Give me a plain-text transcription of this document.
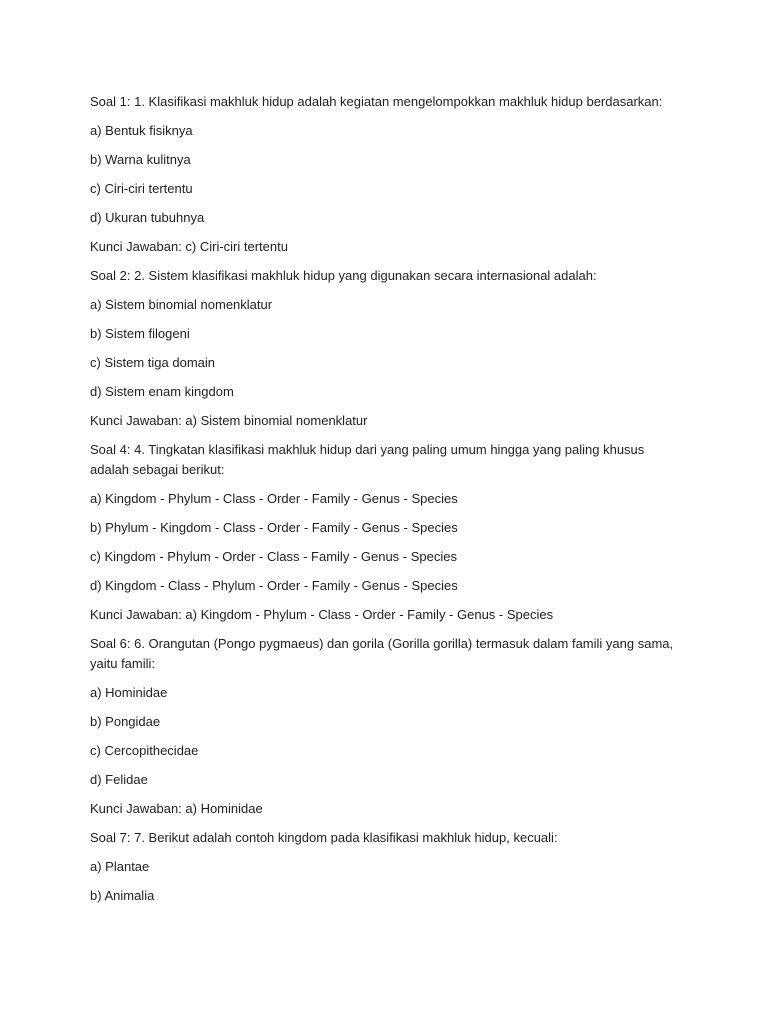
Soal 1: 1. Klasifikasi makhluk hidup adalah kegiatan mengelompokkan makhluk hidup berdasarkan:

a) Bentuk fisiknya

b) Warna kulitnya

c) Ciri-ciri tertentu

d) Ukuran tubuhnya

Kunci Jawaban: c) Ciri-ciri tertentu

Soal 2: 2. Sistem klasifikasi makhluk hidup yang digunakan secara internasional adalah:

a) Sistem binomial nomenklatur

b) Sistem filogeni

c) Sistem tiga domain

d) Sistem enam kingdom

Kunci Jawaban: a) Sistem binomial nomenklatur

Soal 4: 4. Tingkatan klasifikasi makhluk hidup dari yang paling umum hingga yang paling khusus adalah sebagai berikut:

a) Kingdom - Phylum - Class - Order - Family - Genus - Species

b) Phylum - Kingdom - Class - Order - Family - Genus - Species

c) Kingdom - Phylum - Order - Class - Family - Genus - Species

d) Kingdom - Class - Phylum - Order - Family - Genus - Species

Kunci Jawaban: a) Kingdom - Phylum - Class - Order - Family - Genus - Species

Soal 6: 6. Orangutan (Pongo pygmaeus) dan gorila (Gorilla gorilla) termasuk dalam famili yang sama, yaitu famili:

a) Hominidae

b) Pongidae

c) Cercopithecidae

d) Felidae

Kunci Jawaban: a) Hominidae

Soal 7: 7. Berikut adalah contoh kingdom pada klasifikasi makhluk hidup, kecuali:

a) Plantae

b) Animalia
